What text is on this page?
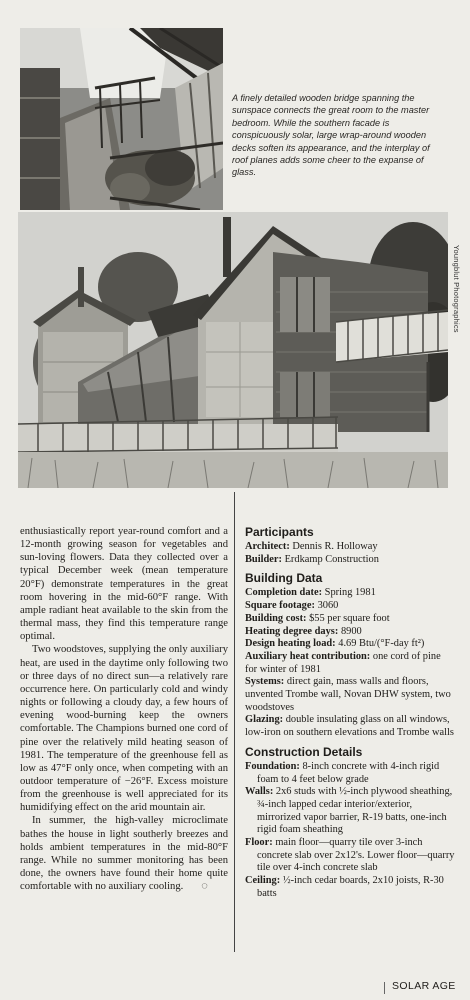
A finely detailed wooden bridge spanning the sunspace connects the great room to the master bedroom. While the southern facade is conspicuously solar, large wrap-around wooden decks soften its appearance, and the interplay of roof planes adds some cheer to the expanse of glass.
Youngblut Photographics

enthusiastically report year-round comfort and a 12-month growing season for vegetables and sun-loving flowers. Data they collected over a typical December week (mean temperature 20°F) demonstrate temperatures in the great room hovering in the mid-60°F range. With ample radiant heat available to the skin from the thermal mass, they find this temperature range optimal.

Two woodstoves, supplying the only auxiliary heat, are used in the daytime only following two or three days of no direct sun—a relatively rare occurrence here. On particularly cold and windy nights or following a cloudy day, a few hours of evening wood-burning keep the owners comfortable. The Champions burned one cord of pine over the relatively mild heating season of 1981. The temperature of the greenhouse fell as low as 47°F only once, when competing with an outdoor temperature of −26°F. Excess moisture from the greenhouse is well appreciated for its humidifying effect on the arid mountain air.

In summer, the high-valley microclimate bathes the house in light southerly breezes and holds ambient temperatures in the mid-80°F range. While no summer monitoring has been done, the owners have found their home quite comfortable with no auxiliary cooling. ◌

Participants

Architect: Dennis R. Holloway

Builder: Erdkamp Construction

Building Data

Completion date: Spring 1981

Square footage: 3060

Building cost: $55 per square foot

Heating degree days: 8900

Design heating load: 4.69 Btu/(°F-day ft²)

Auxiliary heat contribution: one cord of pine for winter of 1981

Systems: direct gain, mass walls and floors, unvented Trombe wall, Novan DHW system, two woodstoves

Glazing: double insulating glass on all windows, low-iron on southern elevations and Trombe walls

Construction Details

Foundation: 8-inch concrete with 4-inch rigid foam to 4 feet below grade

Walls: 2x6 studs with ½-inch plywood sheathing, ¾-inch lapped cedar interior/exterior, mirrorized vapor barrier, R-19 batts, one-inch rigid foam sheathing

Floor: main floor—quarry tile over 3-inch concrete slab over 2x12's. Lower floor—quarry tile over 4-inch concrete slab

Ceiling: ½-inch cedar boards, 2x10 joists, R-30 batts

SOLAR AGE
